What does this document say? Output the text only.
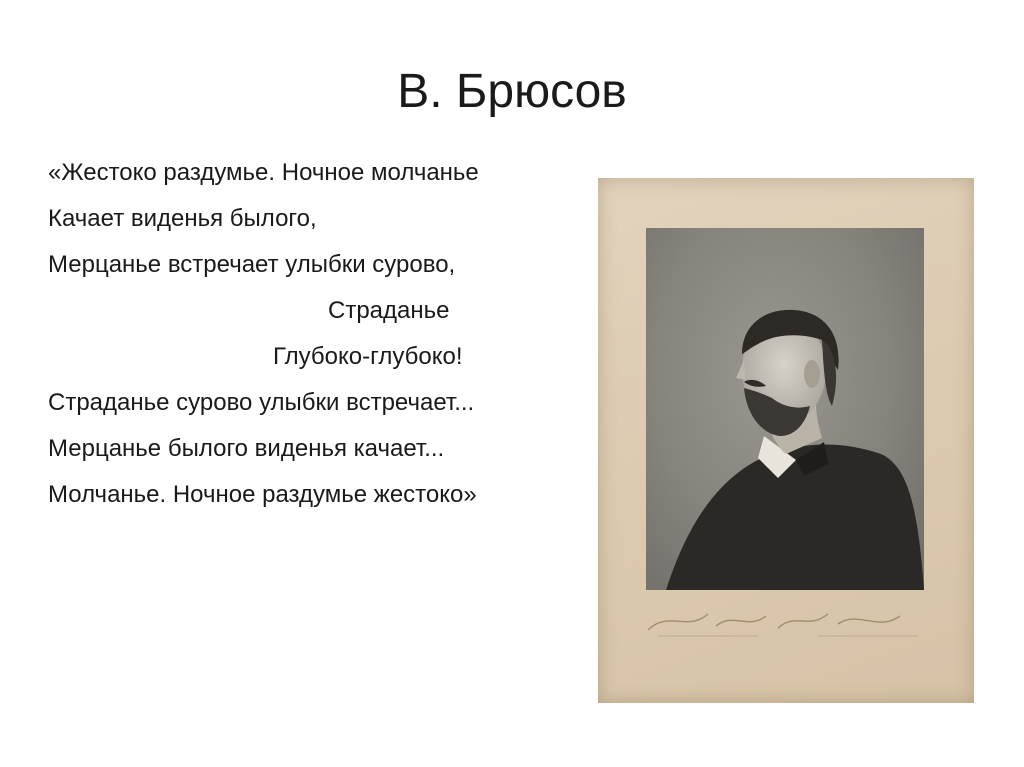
В. Брюсов

«Жестоко раздумье. Ночное молчанье

Качает виденья былого,

Мерцанье встречает улыбки сурово,

Страданье

Глубоко-глубоко!

Страданье сурово улыбки встречает...

Мерцанье былого виденья качает...

Молчанье. Ночное раздумье жестоко»
